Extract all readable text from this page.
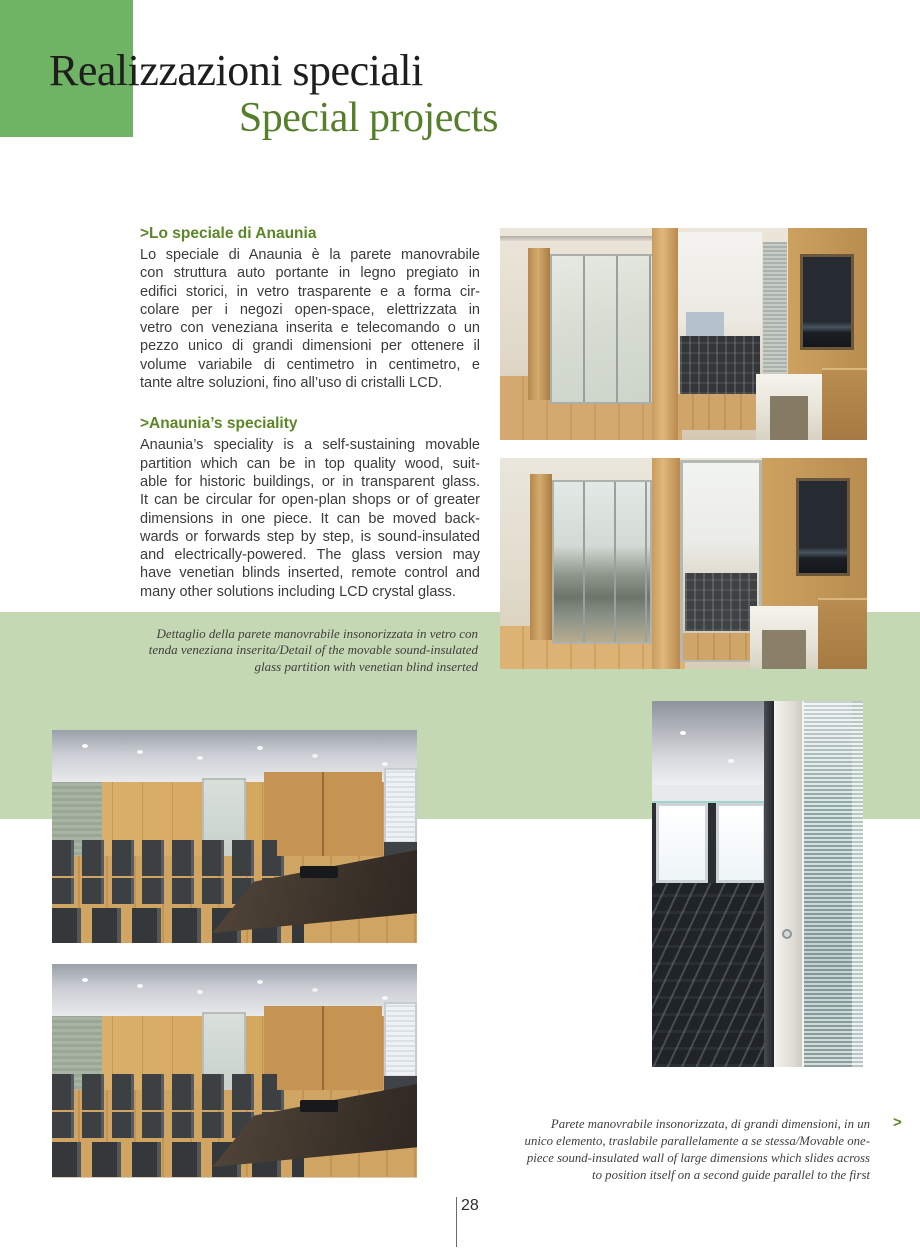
Realizzazioni speciali
Special projects
>Lo speciale di Anaunia
Lo speciale di Anaunia è la parete manovrabile
con struttura auto portante in legno pregiato in
edifici storici, in vetro trasparente e a forma cir-
colare per i negozi open-space, elettrizzata in
vetro con veneziana inserita e telecomando o un
pezzo unico di grandi dimensioni per ottenere il
volume variabile di centimetro in centimetro, e
tante altre soluzioni, fino all’uso di cristalli LCD.
>Anaunia’s speciality
Anaunia’s speciality is a self-sustaining movable
partition which can be in top quality wood, suit-
able for historic buildings, or in transparent glass.
It can be circular for open-plan shops or of greater
dimensions in one piece. It can be moved back-
wards or forwards step by step, is sound-insulated
and electrically-powered. The glass version may
have venetian blinds inserted, remote control and
many other solutions including LCD crystal glass.
Dettaglio della parete manovrabile insonorizzata in vetro con
tenda veneziana inserita/Detail of the movable sound-insulated
glass partition with venetian blind inserted
Parete manovrabile insonorizzata, di grandi dimensioni, in un
unico elemento, traslabile parallelamente a se stessa/Movable one-
piece sound-insulated wall of large dimensions which slides across
to position itself on a second guide parallel to the first
>
28
